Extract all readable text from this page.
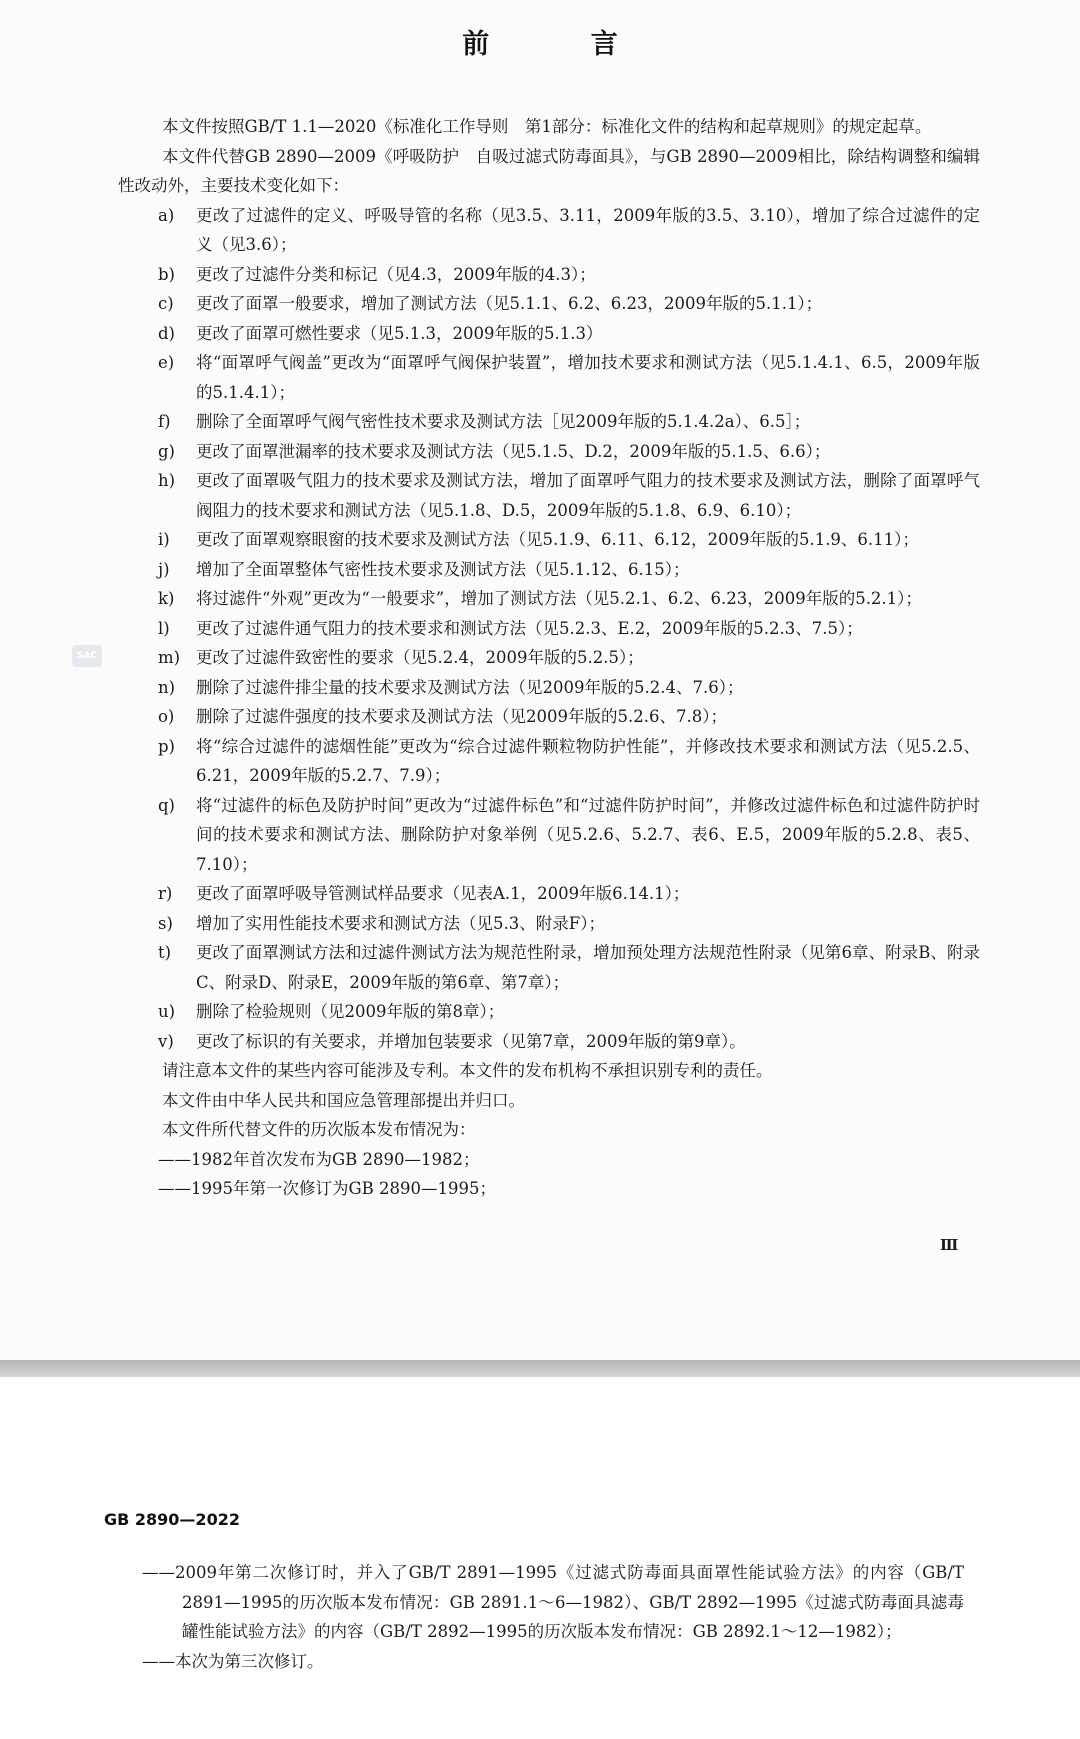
前 言
SAC

本文件按照GB/T 1.1—2020《标准化工作导则　第1部分：标准化文件的结构和起草规则》的规定起草。

本文件代替GB 2890—2009《呼吸防护　自吸过滤式防毒面具》，与GB 2890—2009相比，除结构调整和编辑性改动外，主要技术变化如下：

a) 更改了过滤件的定义、呼吸导管的名称（见3.5、3.11，2009年版的3.5、3.10），增加了综合过滤件的定义（见3.6）；

b) 更改了过滤件分类和标记（见4.3，2009年版的4.3）；

c) 更改了面罩一般要求，增加了测试方法（见5.1.1、6.2、6.23，2009年版的5.1.1）；

d) 更改了面罩可燃性要求（见5.1.3，2009年版的5.1.3）

e) 将“面罩呼气阀盖”更改为“面罩呼气阀保护装置”，增加技术要求和测试方法（见5.1.4.1、6.5，2009年版的5.1.4.1）；

f) 删除了全面罩呼气阀气密性技术要求及测试方法［见2009年版的5.1.4.2a）、6.5］；

g) 更改了面罩泄漏率的技术要求及测试方法（见5.1.5、D.2，2009年版的5.1.5、6.6）；

h) 更改了面罩吸气阻力的技术要求及测试方法，增加了面罩呼气阻力的技术要求及测试方法，删除了面罩呼气阀阻力的技术要求和测试方法（见5.1.8、D.5，2009年版的5.1.8、6.9、6.10）；

i) 更改了面罩观察眼窗的技术要求及测试方法（见5.1.9、6.11、6.12，2009年版的5.1.9、6.11）；

j) 增加了全面罩整体气密性技术要求及测试方法（见5.1.12、6.15）；

k) 将过滤件“外观”更改为“一般要求”，增加了测试方法（见5.2.1、6.2、6.23，2009年版的5.2.1）；

l) 更改了过滤件通气阻力的技术要求和测试方法（见5.2.3、E.2，2009年版的5.2.3、7.5）；

m) 更改了过滤件致密性的要求（见5.2.4，2009年版的5.2.5）；

n) 删除了过滤件排尘量的技术要求及测试方法（见2009年版的5.2.4、7.6）；

o) 删除了过滤件强度的技术要求及测试方法（见2009年版的5.2.6、7.8）；

p) 将“综合过滤件的滤烟性能”更改为“综合过滤件颗粒物防护性能”，并修改技术要求和测试方法（见5.2.5、6.21，2009年版的5.2.7、7.9）；

q) 将“过滤件的标色及防护时间”更改为“过滤件标色”和“过滤件防护时间”，并修改过滤件标色和过滤件防护时间的技术要求和测试方法、删除防护对象举例（见5.2.6、5.2.7、表6、E.5，2009年版的5.2.8、表5、7.10）；

r) 更改了面罩呼吸导管测试样品要求（见表A.1，2009年版6.14.1）；

s) 增加了实用性能技术要求和测试方法（见5.3、附录F）；

t) 更改了面罩测试方法和过滤件测试方法为规范性附录，增加预处理方法规范性附录（见第6章、附录B、附录C、附录D、附录E，2009年版的第6章、第7章）；

u) 删除了检验规则（见2009年版的第8章）；

v) 更改了标识的有关要求，并增加包装要求（见第7章，2009年版的第9章）。

请注意本文件的某些内容可能涉及专利。本文件的发布机构不承担识别专利的责任。

本文件由中华人民共和国应急管理部提出并归口。

本文件所代替文件的历次版本发布情况为：

——1982年首次发布为GB 2890—1982；

——1995年第一次修订为GB 2890—1995；

Ⅲ
GB 2890—2022

——2009年第二次修订时，并入了GB/T 2891—1995《过滤式防毒面具面罩性能试验方法》的内容（GB/T 2891—1995的历次版本发布情况：GB 2891.1～6—1982）、GB/T 2892—1995《过滤式防毒面具滤毒罐性能试验方法》的内容（GB/T 2892—1995的历次版本发布情况：GB 2892.1～12—1982）；

——本次为第三次修订。
